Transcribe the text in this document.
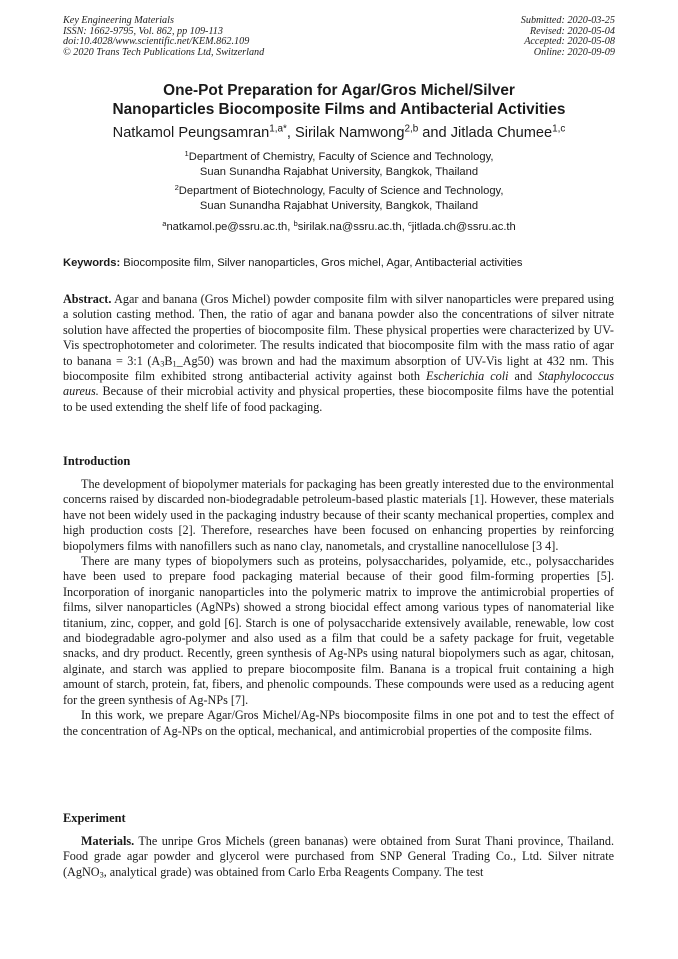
Key Engineering Materials
ISSN: 1662-9795, Vol. 862, pp 109-113
doi:10.4028/www.scientific.net/KEM.862.109
© 2020 Trans Tech Publications Ltd, Switzerland
Submitted: 2020-03-25
Revised: 2020-05-04
Accepted: 2020-05-08
Online: 2020-09-09
One-Pot Preparation for Agar/Gros Michel/Silver
Nanoparticles Biocomposite Films and Antibacterial Activities
Natkamol Peungsamran$^{1,a*}$, Sirilak Namwong$^{2,b}$ and Jitlada Chumee$^{1,c}$
$^1$Department of Chemistry, Faculty of Science and Technology,
Suan Sunandha Rajabhat University, Bangkok, Thailand
$^2$Department of Biotechnology, Faculty of Science and Technology,
Suan Sunandha Rajabhat University, Bangkok, Thailand
$^a$natkamol.pe@ssru.ac.th, $^b$sirilak.na@ssru.ac.th, $^c$jitlada.ch@ssru.ac.th
Keywords: Biocomposite film, Silver nanoparticles, Gros michel, Agar, Antibacterial activities

Abstract. Agar and banana (Gros Michel) powder composite film with silver nanoparticles were prepared using a solution casting method. Then, the ratio of agar and banana powder also the concentrations of silver nitrate solution have affected the properties of biocomposite film. These physical properties were characterized by UV-Vis spectrophotometer and colorimeter. The results indicated that biocomposite film with the mass ratio of agar to banana = 3:1 $(A_3B_1\_Ag50)$ was brown and had the maximum absorption of UV-Vis light at 432 nm. This biocomposite film exhibited strong antibacterial activity against both Escherichia coli and Staphylococcus aureus. Because of their microbial activity and physical properties, these biocomposite films have the potential to be used extending the shelf life of food packaging.

Introduction

The development of biopolymer materials for packaging has been greatly interested due to the environmental concerns raised by discarded non-biodegradable petroleum-based plastic materials [1]. However, these materials have not been widely used in the packaging industry because of their scanty mechanical properties, complex and high production costs [2]. Therefore, researches have been focused on enhancing properties by reinforcing biopolymers films with nanofillers such as nano clay, nanometals, and crystalline nanocellulose [3 4].

There are many types of biopolymers such as proteins, polysaccharides, polyamide, etc., polysaccharides have been used to prepare food packaging material because of their good film-forming properties [5]. Incorporation of inorganic nanoparticles into the polymeric matrix to improve the antimicrobial properties of films, silver nanoparticles (AgNPs) showed a strong biocidal effect among various types of nanomaterial like titanium, zinc, copper, and gold [6]. Starch is one of polysaccharide extensively available, renewable, low cost and biodegradable agro-polymer and also used as a film that could be a safety package for fruit, vegetable snacks, and dry product. Recently, green synthesis of Ag-NPs using natural biopolymers such as agar, chitosan, alginate, and starch was applied to prepare biocomposite film. Banana is a tropical fruit containing a high amount of starch, protein, fat, fibers, and phenolic compounds. These compounds were used as a reducing agent for the green synthesis of Ag-NPs [7].

In this work, we prepare Agar/Gros Michel/Ag-NPs biocomposite films in one pot and to test the effect of the concentration of Ag-NPs on the optical, mechanical, and antimicrobial properties of the composite films.

Experiment

Materials. The unripe Gros Michels (green bananas) were obtained from Surat Thani province, Thailand. Food grade agar powder and glycerol were purchased from SNP General Trading Co., Ltd. Silver nitrate (AgNO$_3$, analytical grade) was obtained from Carlo Erba Reagents Company. The test
